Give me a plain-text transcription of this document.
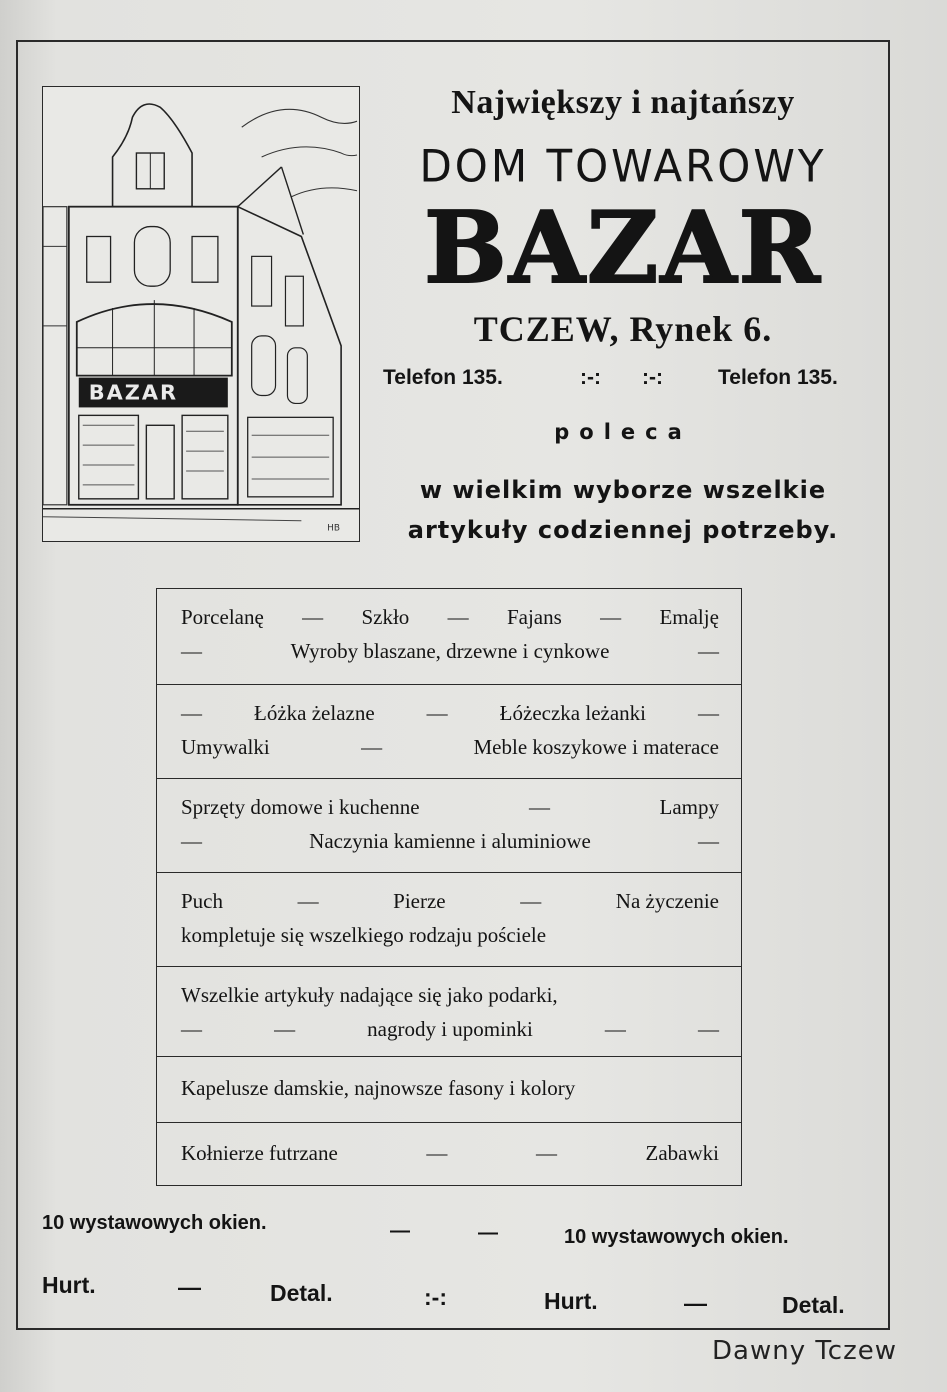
BAZAR
HB
Największy i najtańszy
DOM TOWAROWY
BAZAR
TCZEW, Rynek 6.
Telefon 135.	:-: :-:	Telefon 135.
poleca
w wielkim wyborze wszelkie
artykuły codziennej potrzeby.
Porcelanę — Szkło — Fajans — Emalję
—	Wyroby blaszane, drzewne i cynkowe	—
— Łóżka żelazne — Łóżeczka leżanki —
Umywalki	—	Meble koszykowe i materace
Sprzęty domowe i kuchenne	—	Lampy
—	Naczynia kamienne i aluminiowe	—
Puch	—	Pierze	—	Na życzenie
kompletuje się wszelkiego rodzaju pościele
Wszelkie artykuły nadające się jako podarki,
—	—	nagrody i upominki	—	—
Kapelusze damskie, najnowsze fasony i kolory
Kołnierze futrzane	—	—	Zabawki
10 wystawowych okien.	—	—	10 wystawowych okien.
Hurt.	—	Detal.	:-:	Hurt.	—	Detal.
Dawny Tczew
